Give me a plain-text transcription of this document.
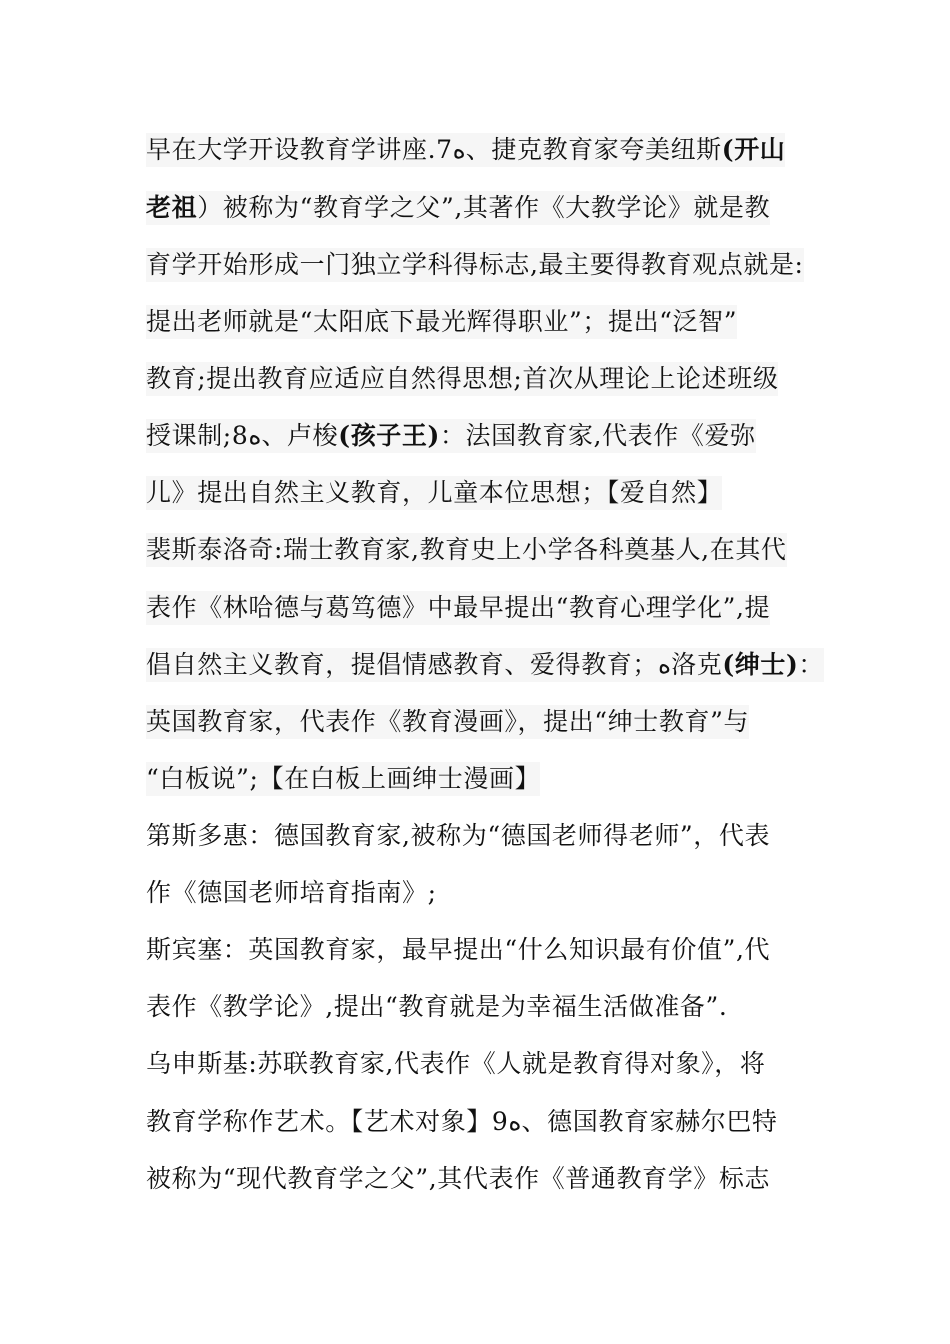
早在大学开设教育学讲座.7ه、捷克教育家夸美纽斯(开山
老祖）被称为“教育学之父”,其著作《大教学论》就是教
育学开始形成一门独立学科得标志,最主要得教育观点就是:
提出老师就是“太阳底下最光辉得职业”；提出“泛智”
教育;提出教育应适应自然得思想;首次从理论上论述班级
授课制;8ه、卢梭(孩子王)：法国教育家,代表作《爱弥
儿》提出自然主义教育，儿童本位思想；【爱自然】
裴斯泰洛奇:瑞士教育家,教育史上小学各科奠基人,在其代
表作《林哈德与葛笃德》中最早提出“教育心理学化”,提
倡自然主义教育，提倡情感教育、爱得教育；ه洛克(绅士)：
英国教育家，代表作《教育漫画》，提出“绅士教育”与
“白板说”;【在白板上画绅士漫画】
第斯多惠：德国教育家,被称为“德国老师得老师”，代表
作《德国老师培育指南》;
斯宾塞：英国教育家，最早提出“什么知识最有价值”,代
表作《教学论》,提出“教育就是为幸福生活做准备”.
乌申斯基:苏联教育家,代表作《人就是教育得对象》，将
教育学称作艺术。【艺术对象】9ه、德国教育家赫尔巴特
被称为“现代教育学之父”,其代表作《普通教育学》标志
